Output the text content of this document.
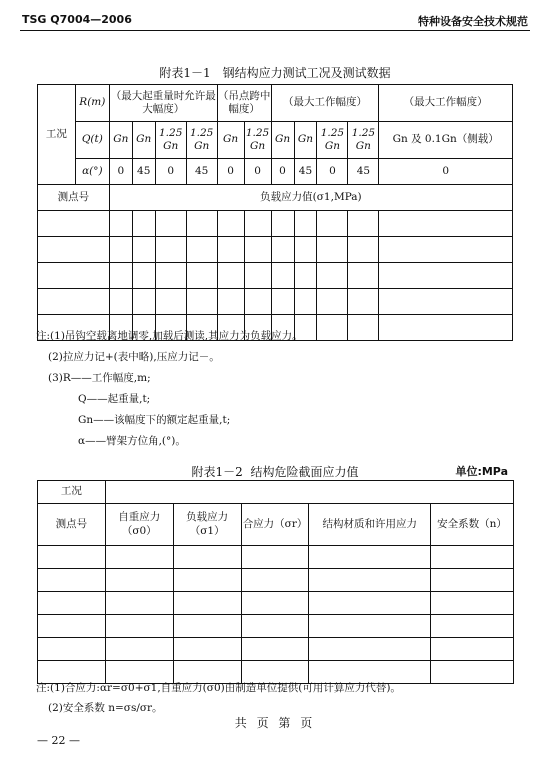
TSG Q7004—2006	特种设备安全技术规范
附表1－1 钢结构应力测试工况及测试数据
工况	R(m)	（最大起重量时允许最大幅度）				（吊点跨中幅度）		（最大工作幅度）				（最大工作幅度）
	Q(t)	Gn	Gn	1.25 Gn	1.25 Gn	Gn	1.25 Gn	Gn	Gn	1.25 Gn	1.25 Gn	Gn 及 0.1Gn（侧载）
	α(°)	0	45	0	45	0	0	0	45	0	45	0
测点号		负载应力值(σ1,MPa)										

注:(1)吊钩空载离地调零,加载后测读,其应力为负载应力。
(2)拉应力记+(表中略),压应力记－。
(3)R——工作幅度,m;
Q——起重量,t;
Gn——该幅度下的额定起重量,t;
α——臂架方位角,(°)。
附表1－2 结构危险截面应力值	单位:MPa
工况					
测点号	自重应力（σ0）	负载应力（σ1）	合应力（σr）	结构材质和许用应力	安全系数（n）

注:(1)合应力:αr=σ0+σ1,自重应力(σ0)由制造单位提供(可用计算应力代替)。
(2)安全系数 n=σs/σr。
共 页 第 页
— 22 —
